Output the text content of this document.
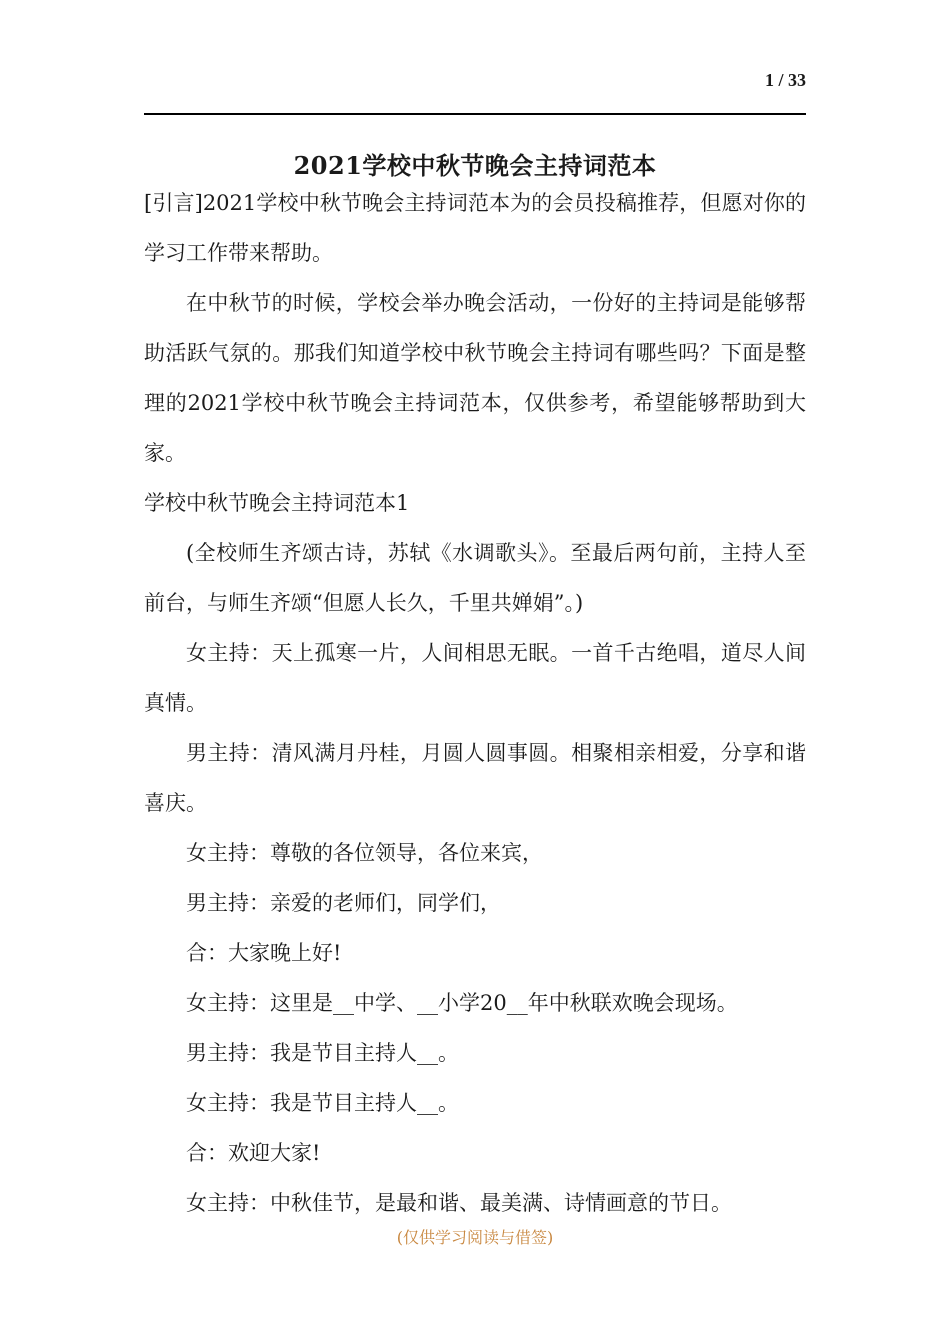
1 / 33
2021学校中秋节晚会主持词范本

[引言]2021学校中秋节晚会主持词范本为的会员投稿推荐，但愿对你的学习工作带来帮助。

在中秋节的时候，学校会举办晚会活动，一份好的主持词是能够帮助活跃气氛的。那我们知道学校中秋节晚会主持词有哪些吗？下面是整理的2021学校中秋节晚会主持词范本，仅供参考，希望能够帮助到大家。

学校中秋节晚会主持词范本1

(全校师生齐颂古诗，苏轼《水调歌头》。至最后两句前，主持人至前台，与师生齐颂“但愿人长久，千里共婵娟”。)

女主持：天上孤寒一片，人间相思无眠。一首千古绝唱，道尽人间真情。

男主持：清风满月丹桂，月圆人圆事圆。相聚相亲相爱，分享和谐喜庆。

女主持：尊敬的各位领导，各位来宾，

男主持：亲爱的老师们，同学们，

合：大家晚上好!

女主持：这里是__中学、__小学20__年中秋联欢晚会现场。

男主持：我是节目主持人__。

女主持：我是节目主持人__。

合：欢迎大家!

女主持：中秋佳节，是最和谐、最美满、诗情画意的节日。

(仅供学习阅读与借签)
